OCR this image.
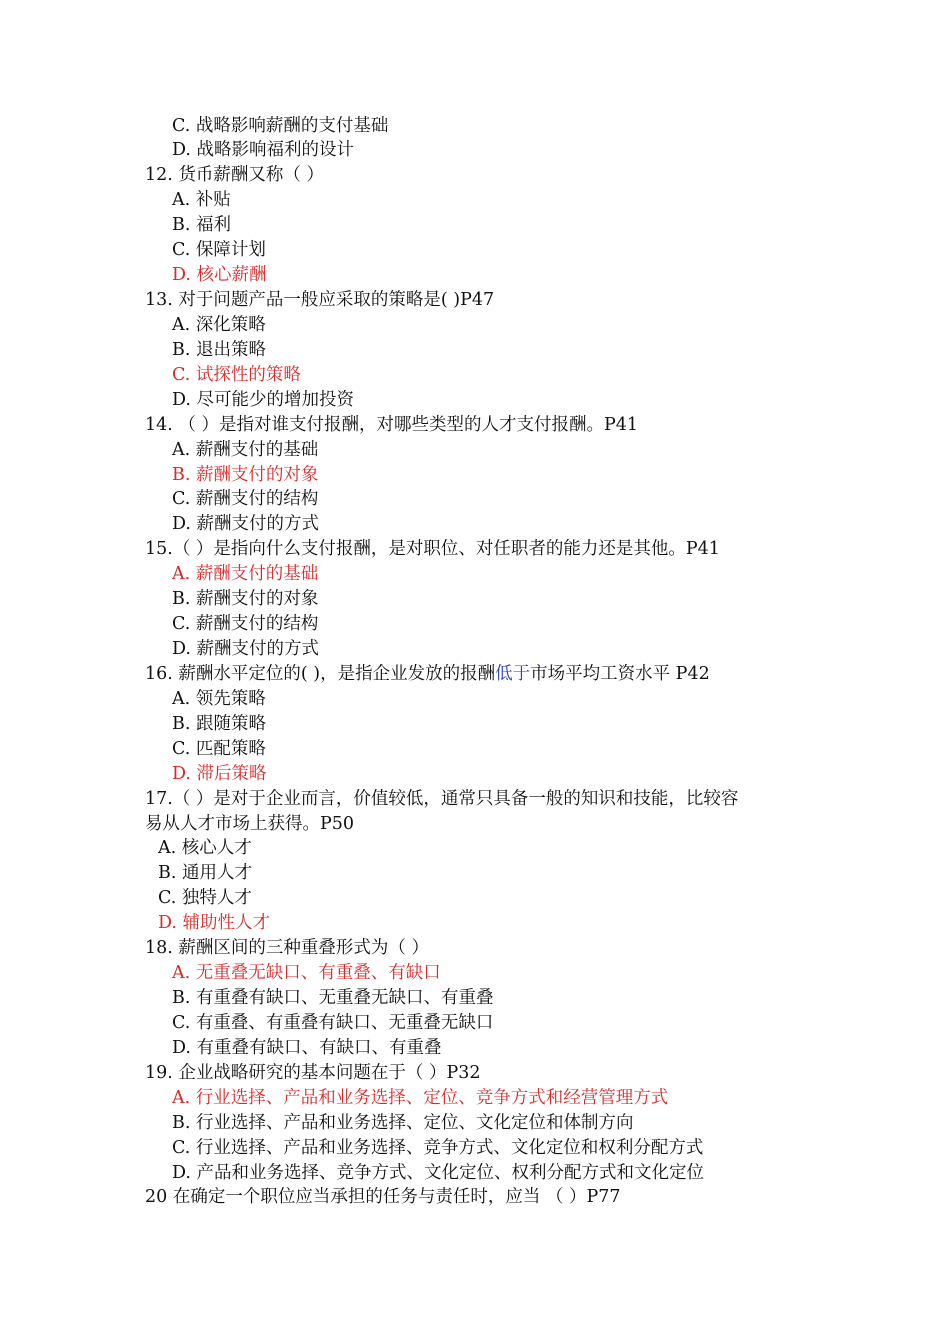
C. 战略影响薪酬的支付基础
D. 战略影响福利的设计
12. 货币薪酬又称（ ）
A. 补贴
B. 福利
C. 保障计划
D. 核心薪酬
13. 对于问题产品一般应采取的策略是( )P47
A. 深化策略
B. 退出策略
C. 试探性的策略
D. 尽可能少的增加投资
14. （ ）是指对谁支付报酬，对哪些类型的人才支付报酬。P41
A. 薪酬支付的基础
B. 薪酬支付的对象
C. 薪酬支付的结构
D. 薪酬支付的方式
15.（ ）是指向什么支付报酬，是对职位、对任职者的能力还是其他。P41
A. 薪酬支付的基础
B. 薪酬支付的对象
C. 薪酬支付的结构
D. 薪酬支付的方式
16. 薪酬水平定位的( )，是指企业发放的报酬低于市场平均工资水平 P42
A. 领先策略
B. 跟随策略
C. 匹配策略
D. 滞后策略
17.（ ）是对于企业而言，价值较低，通常只具备一般的知识和技能，比较容
易从人才市场上获得。P50
A. 核心人才
B. 通用人才
C. 独特人才
D. 辅助性人才
18. 薪酬区间的三种重叠形式为（ ）
A. 无重叠无缺口、有重叠、有缺口
B. 有重叠有缺口、无重叠无缺口、有重叠
C. 有重叠、有重叠有缺口、无重叠无缺口
D. 有重叠有缺口、有缺口、有重叠
19. 企业战略研究的基本问题在于（ ）P32
A. 行业选择、产品和业务选择、定位、竞争方式和经营管理方式
B. 行业选择、产品和业务选择、定位、文化定位和体制方向
C. 行业选择、产品和业务选择、竞争方式、文化定位和权利分配方式
D. 产品和业务选择、竞争方式、文化定位、权利分配方式和文化定位
20 在确定一个职位应当承担的任务与责任时，应当 （ ）P77
